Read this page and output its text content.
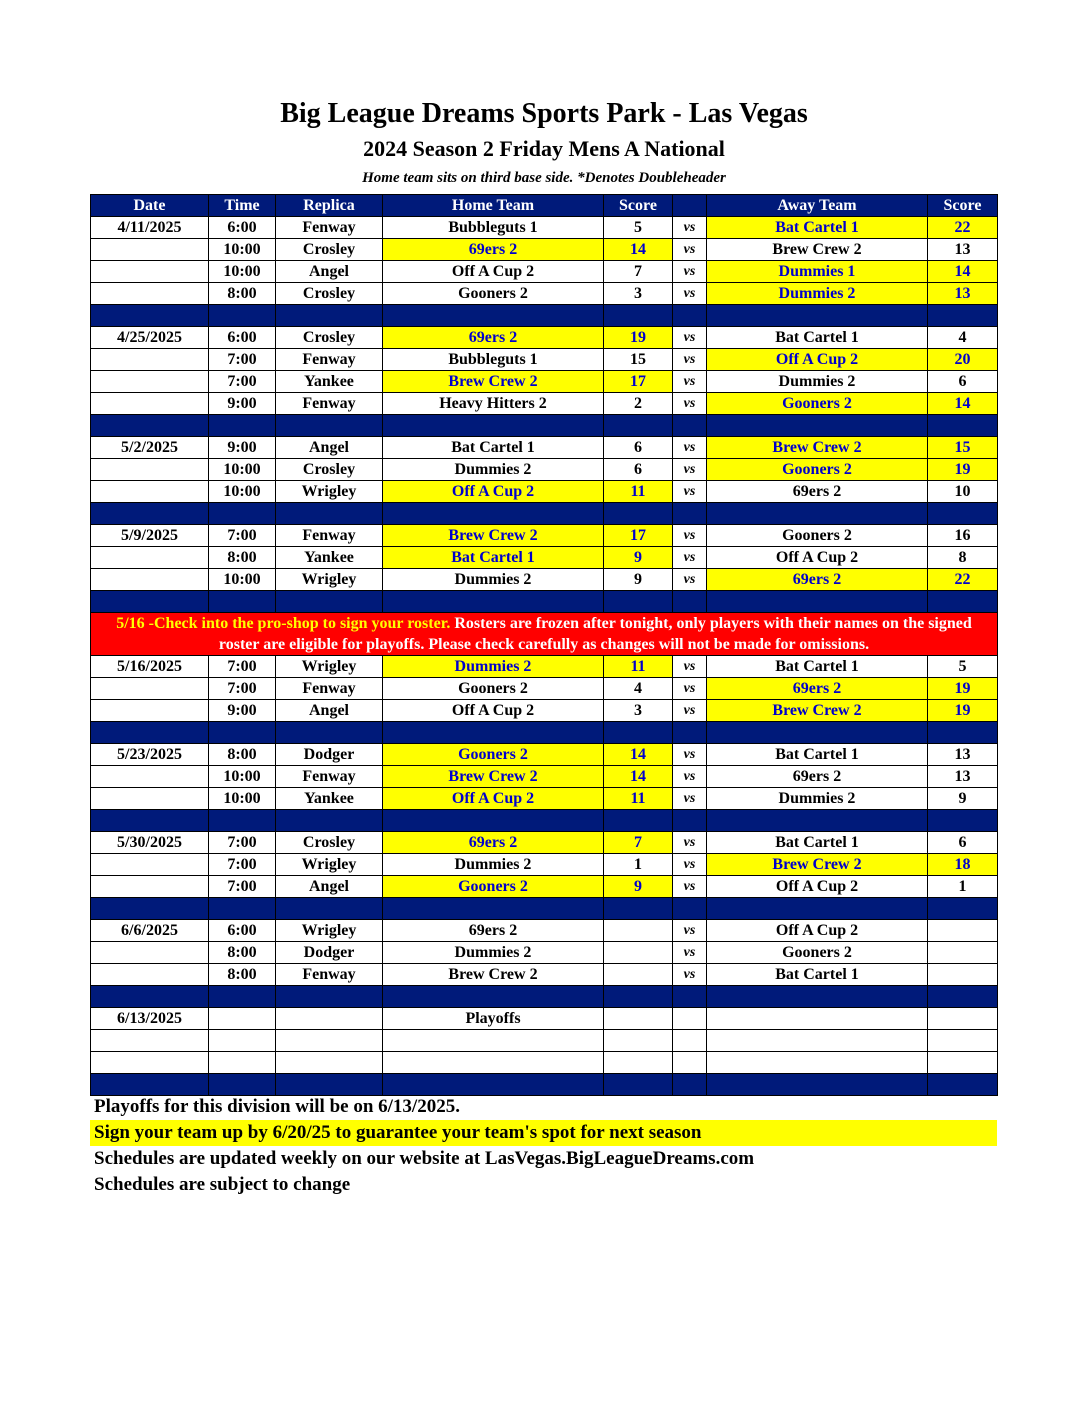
Big League Dreams Sports Park - Las Vegas
2024 Season 2 Friday Mens A National
Home team sits on third base side. *Denotes Doubleheader
Date	Time	Replica	Home Team	Score		Away Team	Score
4/11/2025	6:00	Fenway	Bubbleguts 1	5	vs	Bat Cartel 1	22
	10:00	Crosley	69ers 2	14	vs	Brew Crew 2	13
	10:00	Angel	Off A Cup 2	7	vs	Dummies 1	14
	8:00	Crosley	Gooners 2	3	vs	Dummies 2	13

4/25/2025	6:00	Crosley	69ers 2	19	vs	Bat Cartel 1	4
	7:00	Fenway	Bubbleguts 1	15	vs	Off A Cup 2	20
	7:00	Yankee	Brew Crew 2	17	vs	Dummies 2	6
	9:00	Fenway	Heavy Hitters 2	2	vs	Gooners 2	14

5/2/2025	9:00	Angel	Bat Cartel 1	6	vs	Brew Crew 2	15
	10:00	Crosley	Dummies 2	6	vs	Gooners 2	19
	10:00	Wrigley	Off A Cup 2	11	vs	69ers 2	10

5/9/2025	7:00	Fenway	Brew Crew 2	17	vs	Gooners 2	16
	8:00	Yankee	Bat Cartel 1	9	vs	Off A Cup 2	8
	10:00	Wrigley	Dummies 2	9	vs	69ers 2	22

5/16 -Check into the pro-shop to sign your roster. Rosters are frozen after tonight, only players with their names on the signed roster are eligible for playoffs. Please check carefully as changes will not be made for omissions.							
5/16/2025	7:00	Wrigley	Dummies 2	11	vs	Bat Cartel 1	5
	7:00	Fenway	Gooners 2	4	vs	69ers 2	19
	9:00	Angel	Off A Cup 2	3	vs	Brew Crew 2	19

5/23/2025	8:00	Dodger	Gooners 2	14	vs	Bat Cartel 1	13
	10:00	Fenway	Brew Crew 2	14	vs	69ers 2	13
	10:00	Yankee	Off A Cup 2	11	vs	Dummies 2	9

5/30/2025	7:00	Crosley	69ers 2	7	vs	Bat Cartel 1	6
	7:00	Wrigley	Dummies 2	1	vs	Brew Crew 2	18
	7:00	Angel	Gooners 2	9	vs	Off A Cup 2	1

6/6/2025	6:00	Wrigley	69ers 2		vs	Off A Cup 2	
	8:00	Dodger	Dummies 2		vs	Gooners 2	
	8:00	Fenway	Brew Crew 2		vs	Bat Cartel 1	

6/13/2025			Playoffs				

Playoffs for this division will be on 6/13/2025.
Sign your team up by 6/20/25 to guarantee your team's spot for next season
Schedules are updated weekly on our website at LasVegas.BigLeagueDreams.com
Schedules are subject to change
